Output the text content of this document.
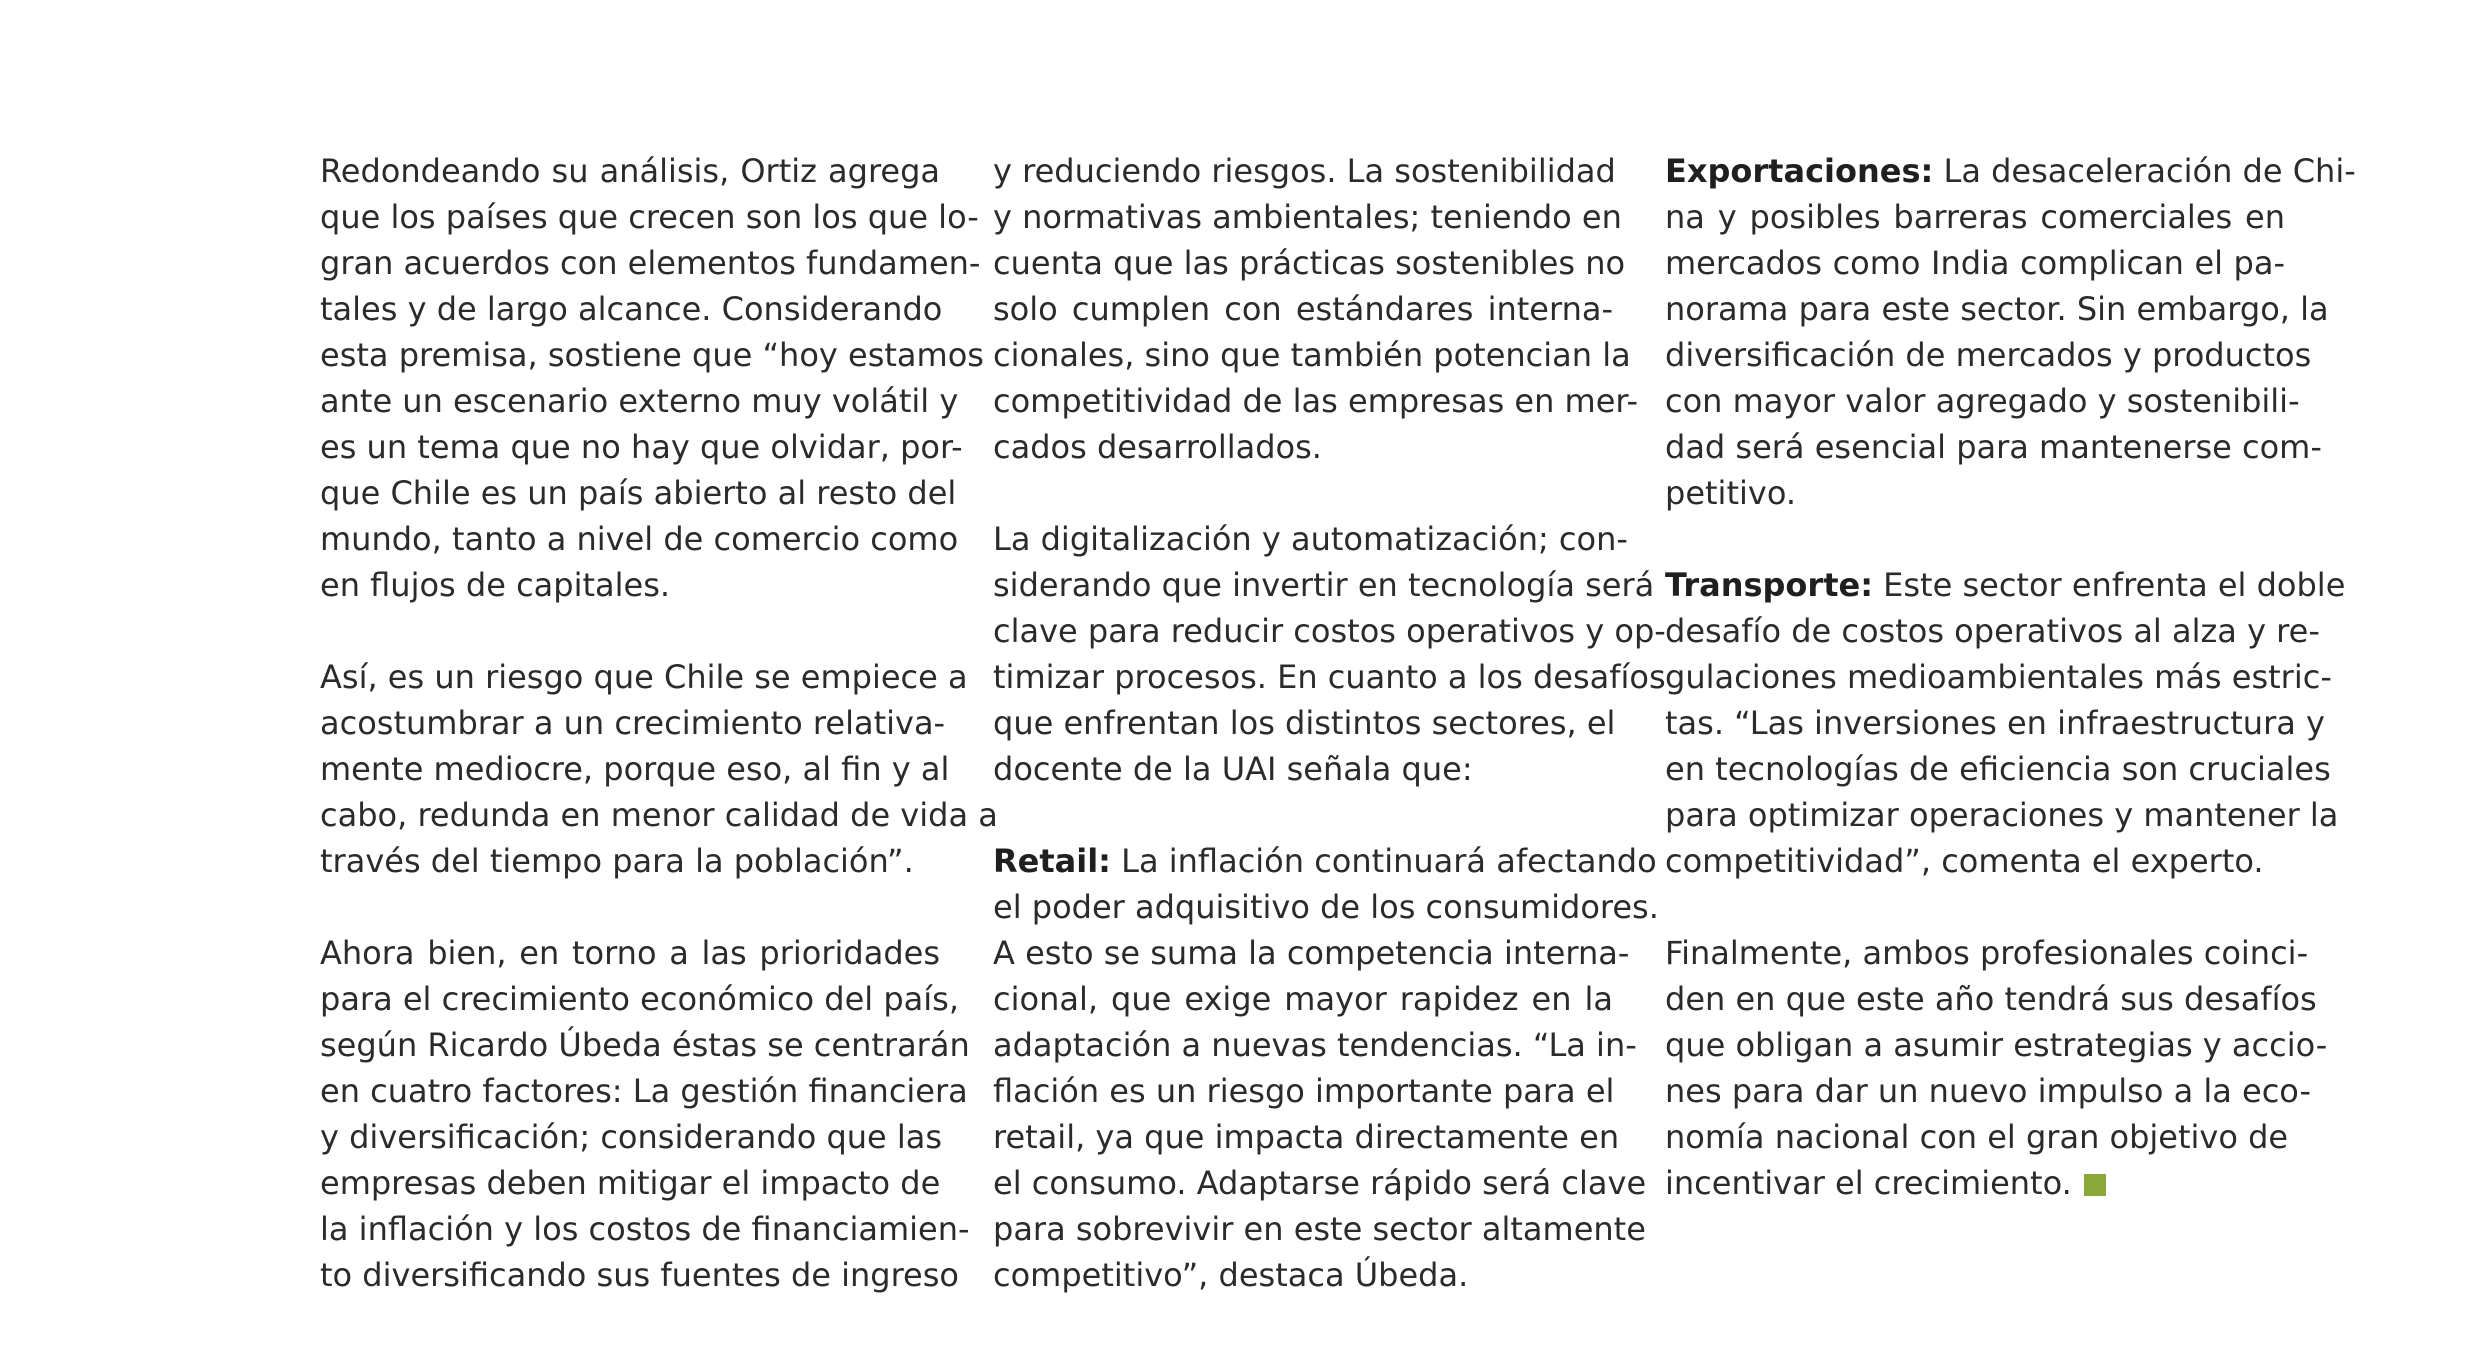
Redondeando su análisis, Ortiz agrega
que los países que crecen son los que lo-
gran acuerdos con elementos fundamen-
tales y de largo alcance. Considerando
esta premisa, sostiene que “hoy estamos
ante un escenario externo muy volátil y
es un tema que no hay que olvidar, por-
que Chile es un país abierto al resto del
mundo, tanto a nivel de comercio como
en flujos de capitales.

Así, es un riesgo que Chile se empiece a
acostumbrar a un crecimiento relativa-
mente mediocre, porque eso, al fin y al
cabo, redunda en menor calidad de vida a
través del tiempo para la población”.

Ahora bien, en torno a las prioridades
para el crecimiento económico del país,
según Ricardo Úbeda éstas se centrarán
en cuatro factores: La gestión financiera
y diversificación; considerando que las
empresas deben mitigar el impacto de
la inflación y los costos de financiamien-
to diversificando sus fuentes de ingreso

y reduciendo riesgos. La sostenibilidad
y normativas ambientales; teniendo en
cuenta que las prácticas sostenibles no
solo cumplen con estándares interna-
cionales, sino que también potencian la
competitividad de las empresas en mer-
cados desarrollados.

La digitalización y automatización; con-
siderando que invertir en tecnología será
clave para reducir costos operativos y op-
timizar procesos. En cuanto a los desafíos
que enfrentan los distintos sectores, el
docente de la UAI señala que:

Retail: La inflación continuará afectando
el poder adquisitivo de los consumidores.
A esto se suma la competencia interna-
cional, que exige mayor rapidez en la
adaptación a nuevas tendencias. “La in-
flación es un riesgo importante para el
retail, ya que impacta directamente en
el consumo. Adaptarse rápido será clave
para sobrevivir en este sector altamente
competitivo”, destaca Úbeda.

Exportaciones: La desaceleración de Chi-
na y posibles barreras comerciales en
mercados como India complican el pa-
norama para este sector. Sin embargo, la
diversificación de mercados y productos
con mayor valor agregado y sostenibili-
dad será esencial para mantenerse com-
petitivo.

Transporte: Este sector enfrenta el doble
desafío de costos operativos al alza y re-
gulaciones medioambientales más estric-
tas. “Las inversiones en infraestructura y
en tecnologías de eficiencia son cruciales
para optimizar operaciones y mantener la
competitividad”, comenta el experto.

Finalmente, ambos profesionales coinci-
den en que este año tendrá sus desafíos
que obligan a asumir estrategias y accio-
nes para dar un nuevo impulso a la eco-
nomía nacional con el gran objetivo de
incentivar el crecimiento.
